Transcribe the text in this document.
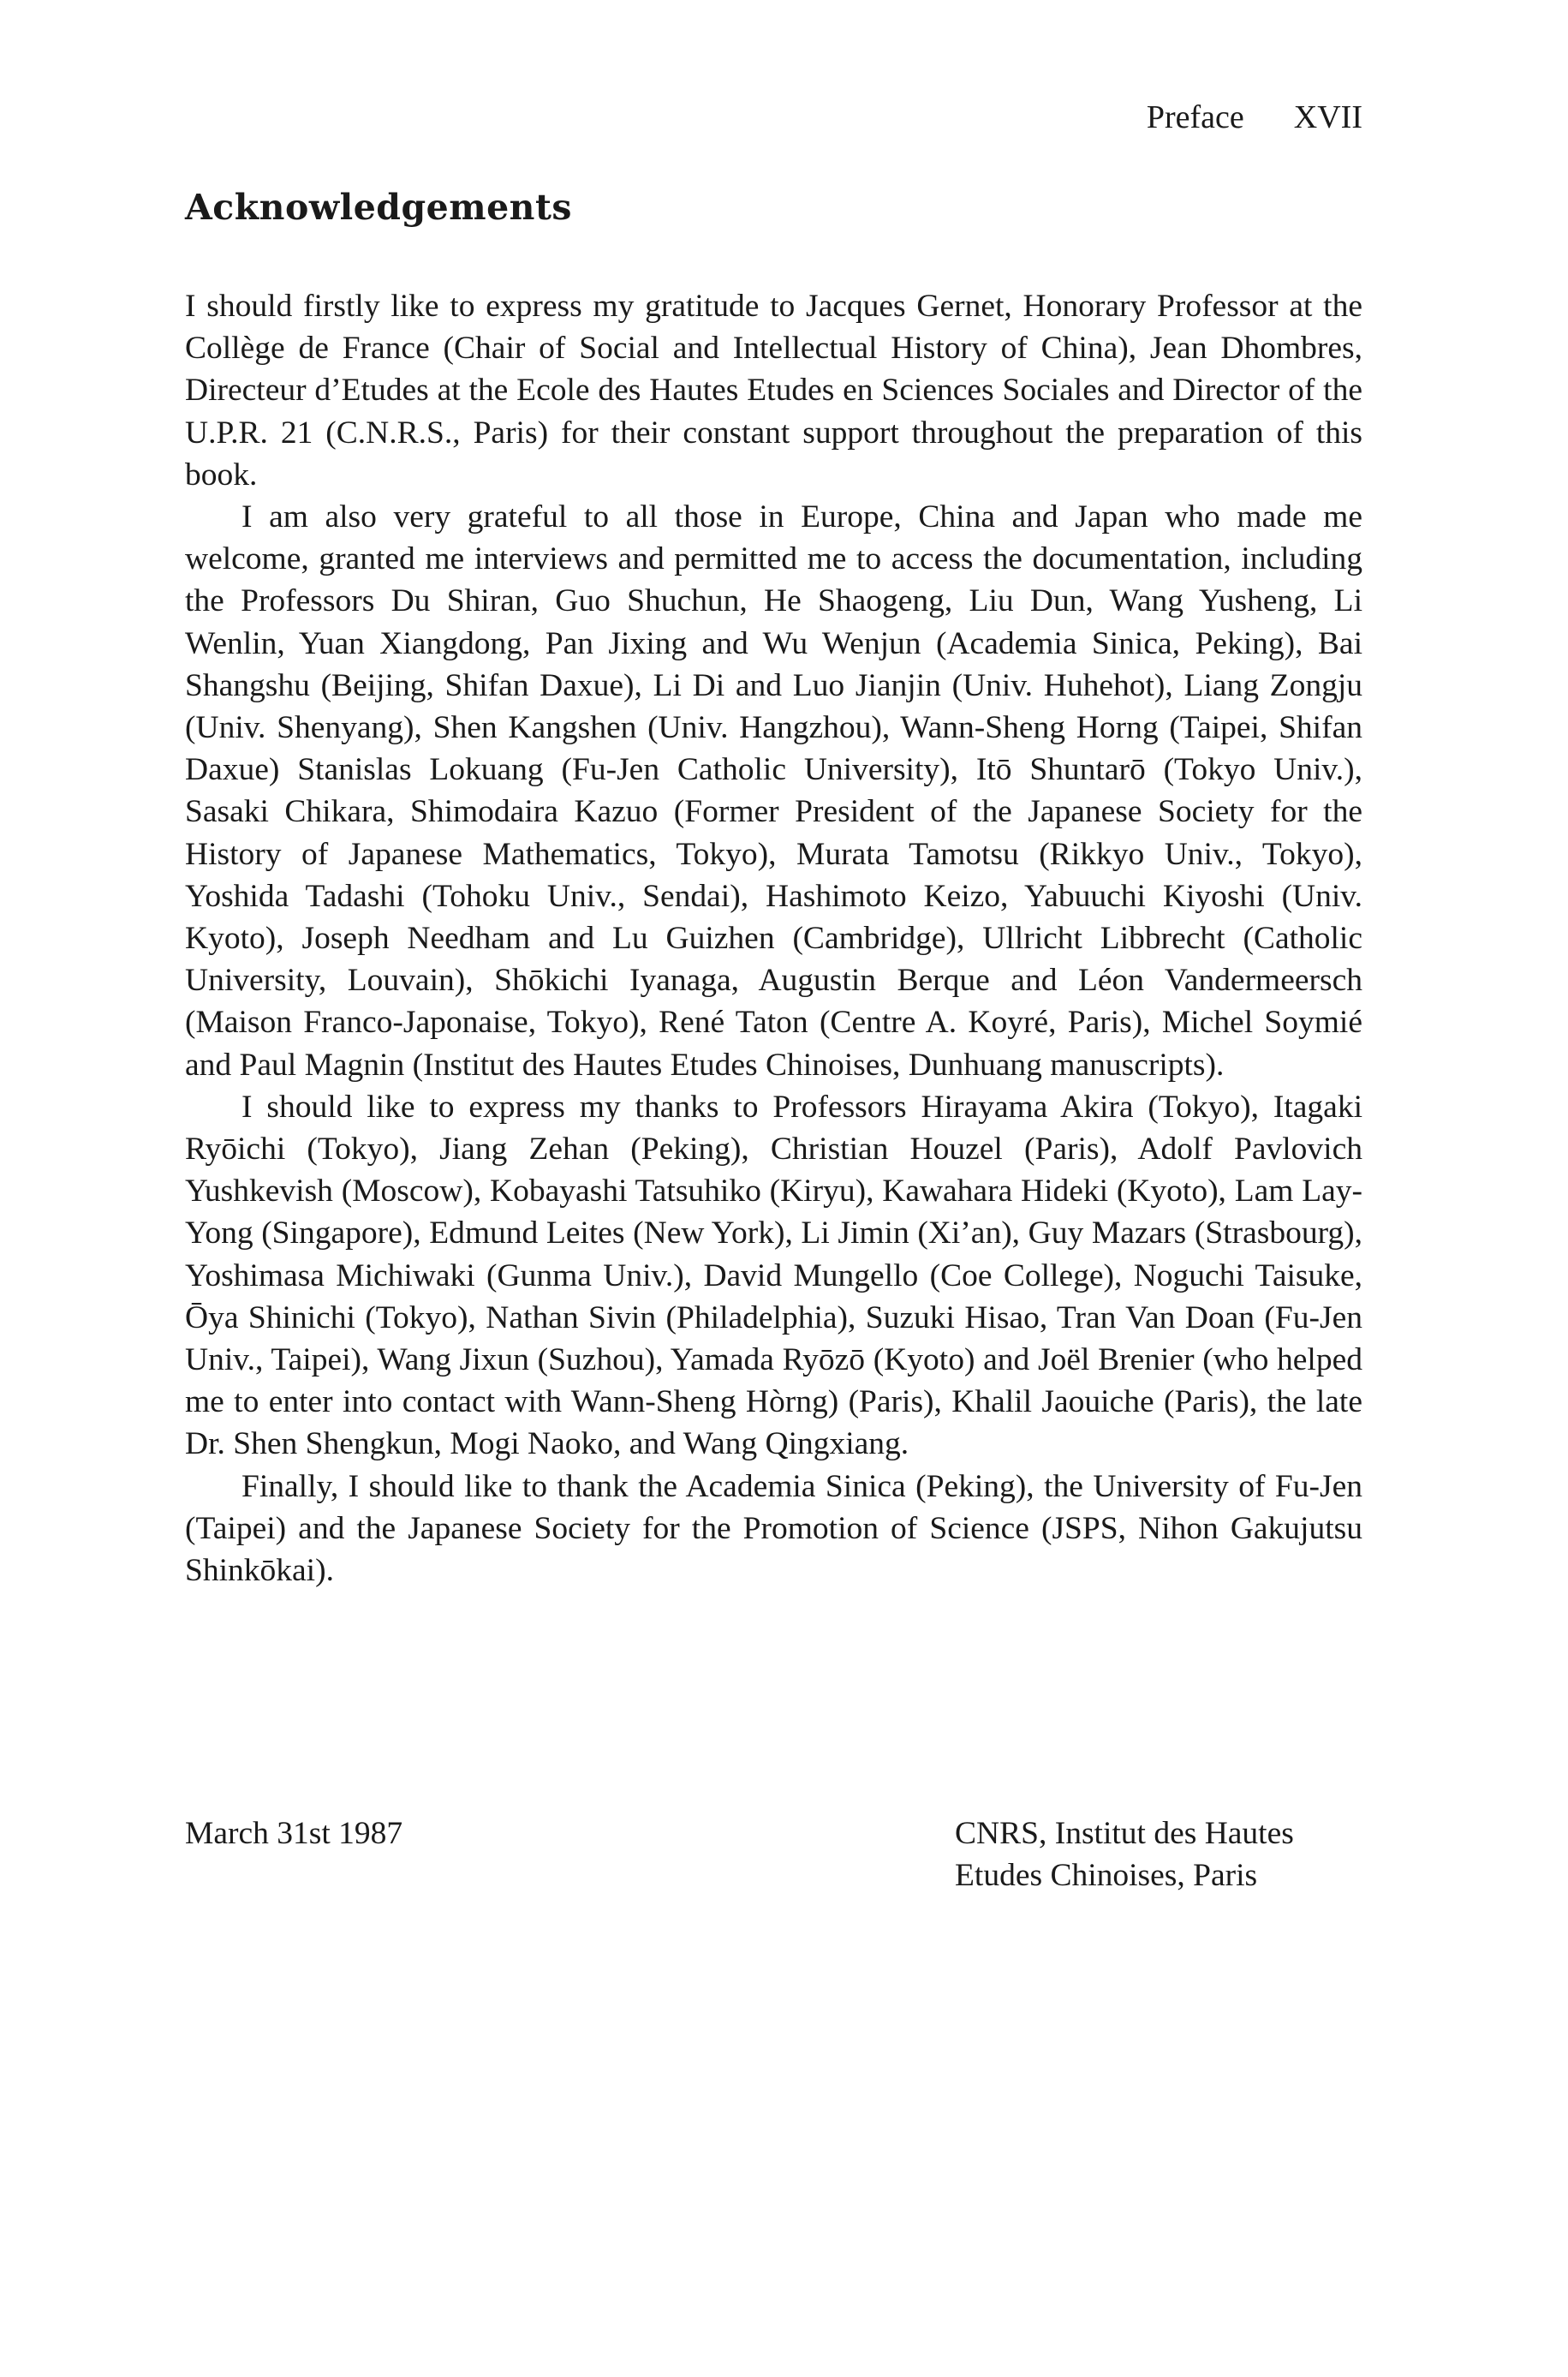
Preface XVII
Acknowledgements

I should firstly like to express my gratitude to Jacques Gernet, Honorary Professor at the Collège de France (Chair of Social and Intellectual History of China), Jean Dhombres, Directeur d’Etudes at the Ecole des Hautes Etudes en Sciences Sociales and Director of the U.P.R. 21 (C.N.R.S., Paris) for their constant support throughout the preparation of this book.

I am also very grateful to all those in Europe, China and Japan who made me welcome, granted me interviews and permitted me to access the documentation, including the Professors Du Shiran, Guo Shuchun, He Shaogeng, Liu Dun, Wang Yusheng, Li Wenlin, Yuan Xiangdong, Pan Jixing and Wu Wenjun (Academia Sinica, Peking), Bai Shangshu (Beijing, Shifan Daxue), Li Di and Luo Jianjin (Univ. Huhehot), Liang Zongju (Univ. Shenyang), Shen Kangshen (Univ. Hangzhou), Wann-Sheng Horng (Taipei, Shifan Daxue) Stanislas Lokuang (Fu-Jen Catholic University), Itō Shuntarō (Tokyo Univ.), Sasaki Chikara, Shimodaira Kazuo (Former President of the Japanese Society for the History of Japanese Mathematics, Tokyo), Murata Tamotsu (Rikkyo Univ., Tokyo), Yoshida Tadashi (Tohoku Univ., Sendai), Hashimoto Keizo, Yabuuchi Kiyoshi (Univ. Kyoto), Joseph Needham and Lu Guizhen (Cambridge), Ullricht Libbrecht (Catholic University, Louvain), Shōkichi Iyanaga, Augustin Berque and Léon Vandermeersch (Maison Franco-Japonaise, Tokyo), René Taton (Centre A. Koyré, Paris), Michel Soymié and Paul Magnin (Institut des Hautes Etudes Chinoises, Dunhuang manuscripts).

I should like to express my thanks to Professors Hirayama Akira (Tokyo), Itagaki Ryōichi (Tokyo), Jiang Zehan (Peking), Christian Houzel (Paris), Adolf Pavlovich Yushkevish (Moscow), Kobayashi Tatsuhiko (Kiryu), Kawahara Hideki (Kyoto), Lam Lay-Yong (Singapore), Edmund Leites (New York), Li Jimin (Xi’an), Guy Mazars (Strasbourg), Yoshimasa Michiwaki (Gunma Univ.), David Mungello (Coe College), Noguchi Taisuke, Ōya Shinichi (Tokyo), Nathan Sivin (Philadelphia), Suzuki Hisao, Tran Van Doan (Fu-Jen Univ., Taipei), Wang Jixun (Suzhou), Yamada Ryōzō (Kyoto) and Joël Brenier (who helped me to enter into contact with Wann-Sheng Hòrng) (Paris), Khalil Jaouiche (Paris), the late Dr. Shen Shengkun, Mogi Naoko, and Wang Qingxiang.

Finally, I should like to thank the Academia Sinica (Peking), the University of Fu-Jen (Taipei) and the Japanese Society for the Promotion of Science (JSPS, Nihon Gakujutsu Shinkōkai).

March 31st 1987	CNRS, Institut des Hautes
Etudes Chinoises, Paris
